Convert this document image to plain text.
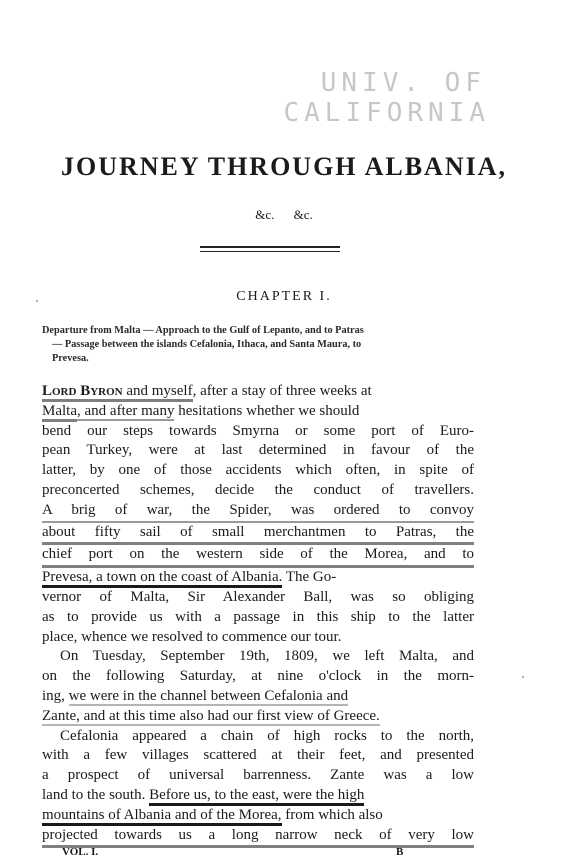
UNIV. OF
CALIFORNIA
JOURNEY THROUGH ALBANIA,
&c. &c.
CHAPTER I.
Departure from Malta — Approach to the Gulf of Lepanto, and to Patras
— Passage between the islands Cefalonia, Ithaca, and Santa Maura, to
Prevesa.
Lord Byron and myself, after a stay of three weeks at
Malta, and after many hesitations whether we should
bend our steps towards Smyrna or some port of Euro-
pean Turkey, were at last determined in favour of the
latter, by one of those accidents which often, in spite of
preconcerted schemes, decide the conduct of travellers.
A brig of war, the Spider, was ordered to convoy
about fifty sail of small merchantmen to Patras, the
chief port on the western side of the Morea, and to
Prevesa, a town on the coast of Albania. The Go-
vernor of Malta, Sir Alexander Ball, was so obliging
as to provide us with a passage in this ship to the latter
place, whence we resolved to commence our tour.
On Tuesday, September 19th, 1809, we left Malta, and
on the following Saturday, at nine o'clock in the morn-
ing, we were in the channel between Cefalonia and
Zante, and at this time also had our first view of Greece.
Cefalonia appeared a chain of high rocks to the north,
with a few villages scattered at their feet, and presented
a prospect of universal barrenness. Zante was a low
land to the south. Before us, to the east, were the high
mountains of Albania and of the Morea, from which also
projected towards us a long narrow neck of very low
VOL. I.	B
